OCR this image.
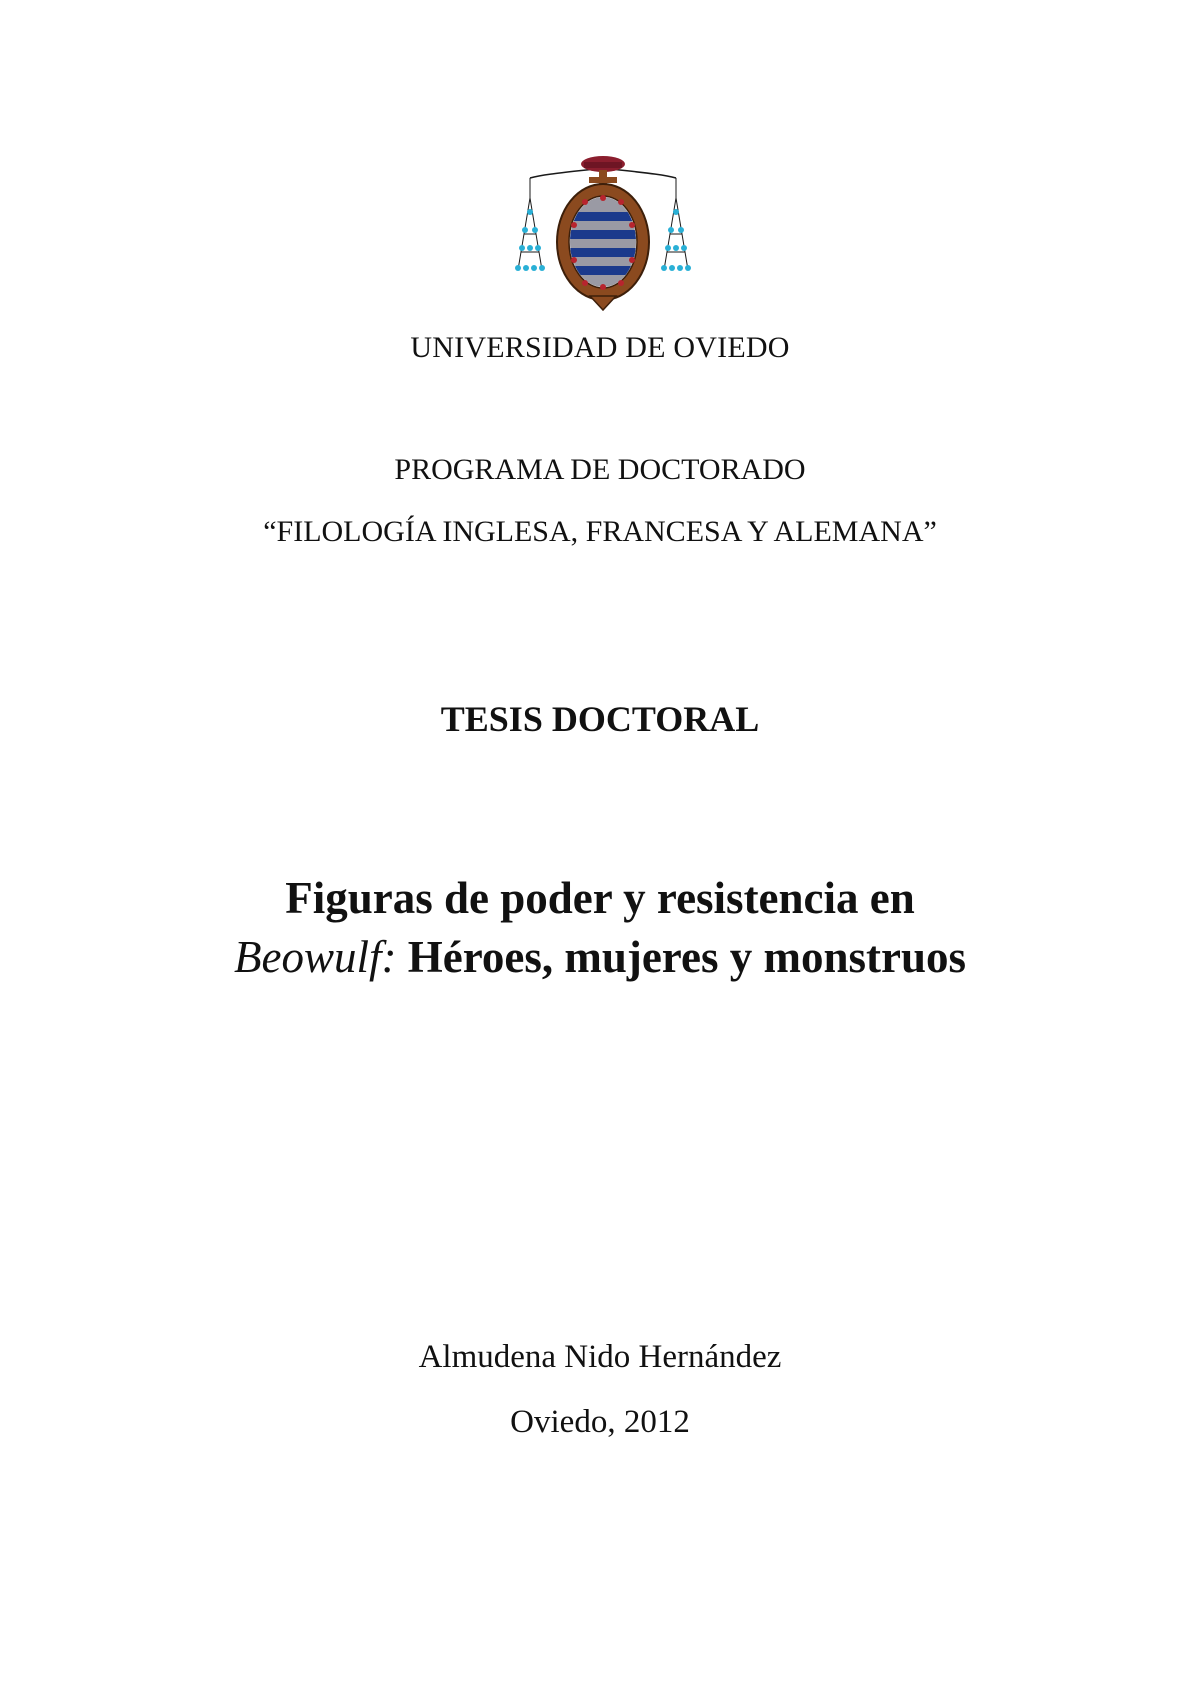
UNIVERSIDAD DE OVIEDO
PROGRAMA DE DOCTORADO
“FILOLOGÍA INGLESA, FRANCESA Y ALEMANA”
TESIS DOCTORAL
Figuras de poder y resistencia en
Beowulf: Héroes, mujeres y monstruos
Almudena Nido Hernández
Oviedo, 2012
